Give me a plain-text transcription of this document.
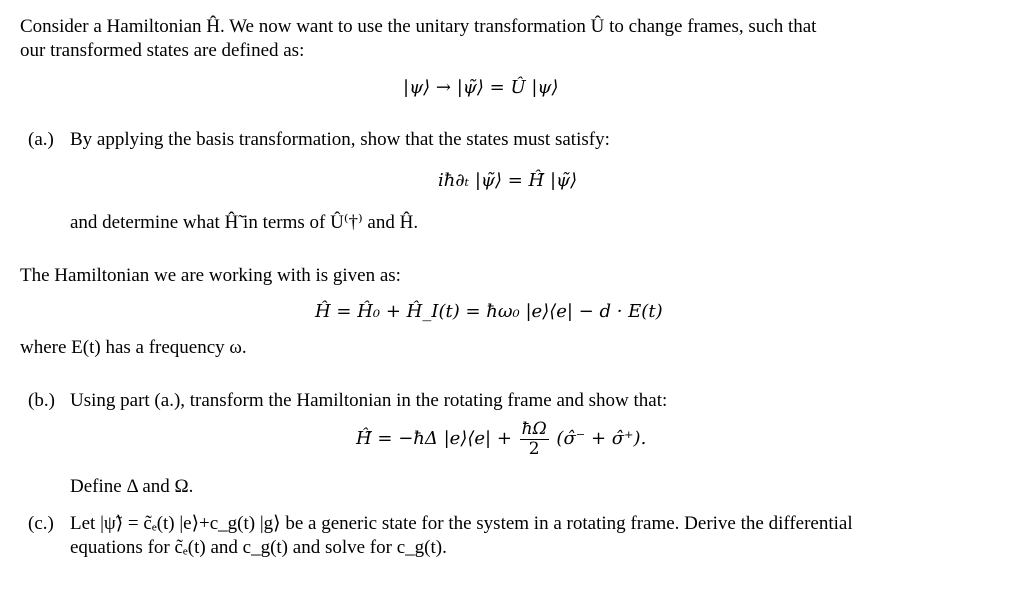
Consider a Hamiltonian Ĥ. We now want to use the unitary transformation Û to change frames, such that
our transformed states are defined as:
|ψ⟩ → |ψ̃⟩ = Û |ψ⟩
(a.) By applying the basis transformation, show that the states must satisfy:
iħ∂ₜ |ψ̃⟩ = Ĥ̃ |ψ̃⟩
and determine what Ĥ̃ in terms of Û⁽†⁾ and Ĥ.
The Hamiltonian we are working with is given as:
Ĥ = Ĥ₀ + Ĥ_I(t) = ħω₀ |e⟩⟨e| − d · E(t)
where E(t) has a frequency ω.
(b.) Using part (a.), transform the Hamiltonian in the rotating frame and show that:
Ĥ̃ = −ħΔ |e⟩⟨e| + $\frac{ħ\Omega}{2}$ (σ̂⁻ + σ̂⁺).
Define Δ and Ω.
(c.) Let |ψ̃⟩ = c̃ₑ(t) |e⟩+c_g(t) |g⟩ be a generic state for the system in a rotating frame. Derive the differential
equations for c̃ₑ(t) and c_g(t) and solve for c_g(t).
